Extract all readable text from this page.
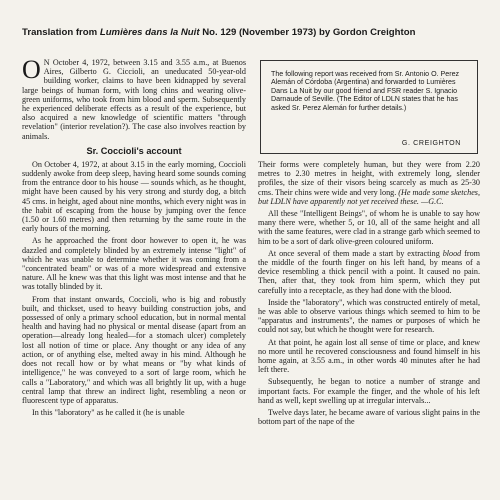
Translation from Lumières dans la Nuit No. 129 (November 1973) by Gordon Creighton

O N October 4, 1972, between 3.15 and 3.55 a.m., at Buenos Aires, Gilberto G. Ciccioli, an uneducated 50-year-old building worker, claims to have been kidnapped by several large beings of human form, with long chins and wearing olive-green uniforms, who took from him blood and sperm. Subsequently he experienced deliberate effects as a result of the experience, but also acquired a new knowledge of scientific matters "through revelation" (interior revelation?). The case also involves reaction by animals.

Sr. Coccioli's account

On October 4, 1972, at about 3.15 in the early morning, Coccioli suddenly awoke from deep sleep, having heard some sounds coming from the entrance door to his house — sounds which, as he thought, might have been caused by his very strong and sturdy dog, a bitch 45 cms. in height, aged about nine months, which every night was in the habit of escaping from the house by jumping over the fence (1.50 or 1.60 metres) and then returning by the same route in the early hours of the morning.

As he approached the front door however to open it, he was dazzled and completely blinded by an extremely intense "light" of which he was unable to determine whether it was coming from a "concentrated beam" or was of a more widespread and extensive nature. All he knew was that this light was most intense and that he was totally blinded by it.

From that instant onwards, Coccioli, who is big and robustly built, and thickset, used to heavy building construction jobs, and possessed of only a primary school education, but in normal mental health and having had no physical or mental disease (apart from an operation—already long healed—for a stomach ulcer) completely lost all notion of time or place. Any thought or any idea of any action, or of anything else, melted away in his mind. Although he does not recall how or by what means or "by what kinds of intelligence," he was conveyed to a sort of large room, which he calls a "Laboratory," and which was all brightly lit up, with a huge central lamp that threw an indirect light, resembling a neon or fluorescent type of apparatus.

In this "laboratory" as he called it (he is unable

The following report was received from Sr. Antonio O. Perez Alemán of Córdoba (Argentina) and forwarded to Lumières Dans La Nuit by our good friend and FSR reader S. Ignacio Darnaude of Seville. (The Editor of LDLN states that he has asked Sr. Perez Alemán for further details.)

G. CREIGHTON

Their forms were completely human, but they were from 2.20 metres to 2.30 metres in height, with extremely long, slender profiles, the size of their visors being scarcely as much as 25-30 cms. Their chins were wide and very long. (He made some sketches, but LDLN have apparently not yet received these. —G.C.

All these "Intelligent Beings", of whom he is unable to say how many there were, whether 5, or 10, all of the same height and all with the same features, were clad in a strange garb which seemed to him to be a sort of dark olive-green coloured uniform.

At once several of them made a start by extracting blood from the middle of the fourth finger on his left hand, by means of a device resembling a thick pencil with a point. It caused no pain. Then, after that, they took from him sperm, which they put carefully into a receptacle, as they had done with the blood.

Inside the "laboratory", which was constructed entirely of metal, he was able to observe various things which seemed to him to be "apparatus and instruments", the names or purposes of which he could not say, but which he thought were for research.

At that point, he again lost all sense of time or place, and knew no more until he recovered consciousness and found himself in his home again, at 3.55 a.m., in other words 40 minutes after he had left there.

Subsequently, he began to notice a number of strange and important facts. For example the finger, and the whole of his left hand as well, kept swelling up at irregular intervals...

Twelve days later, he became aware of various slight pains in the bottom part of the nape of the
